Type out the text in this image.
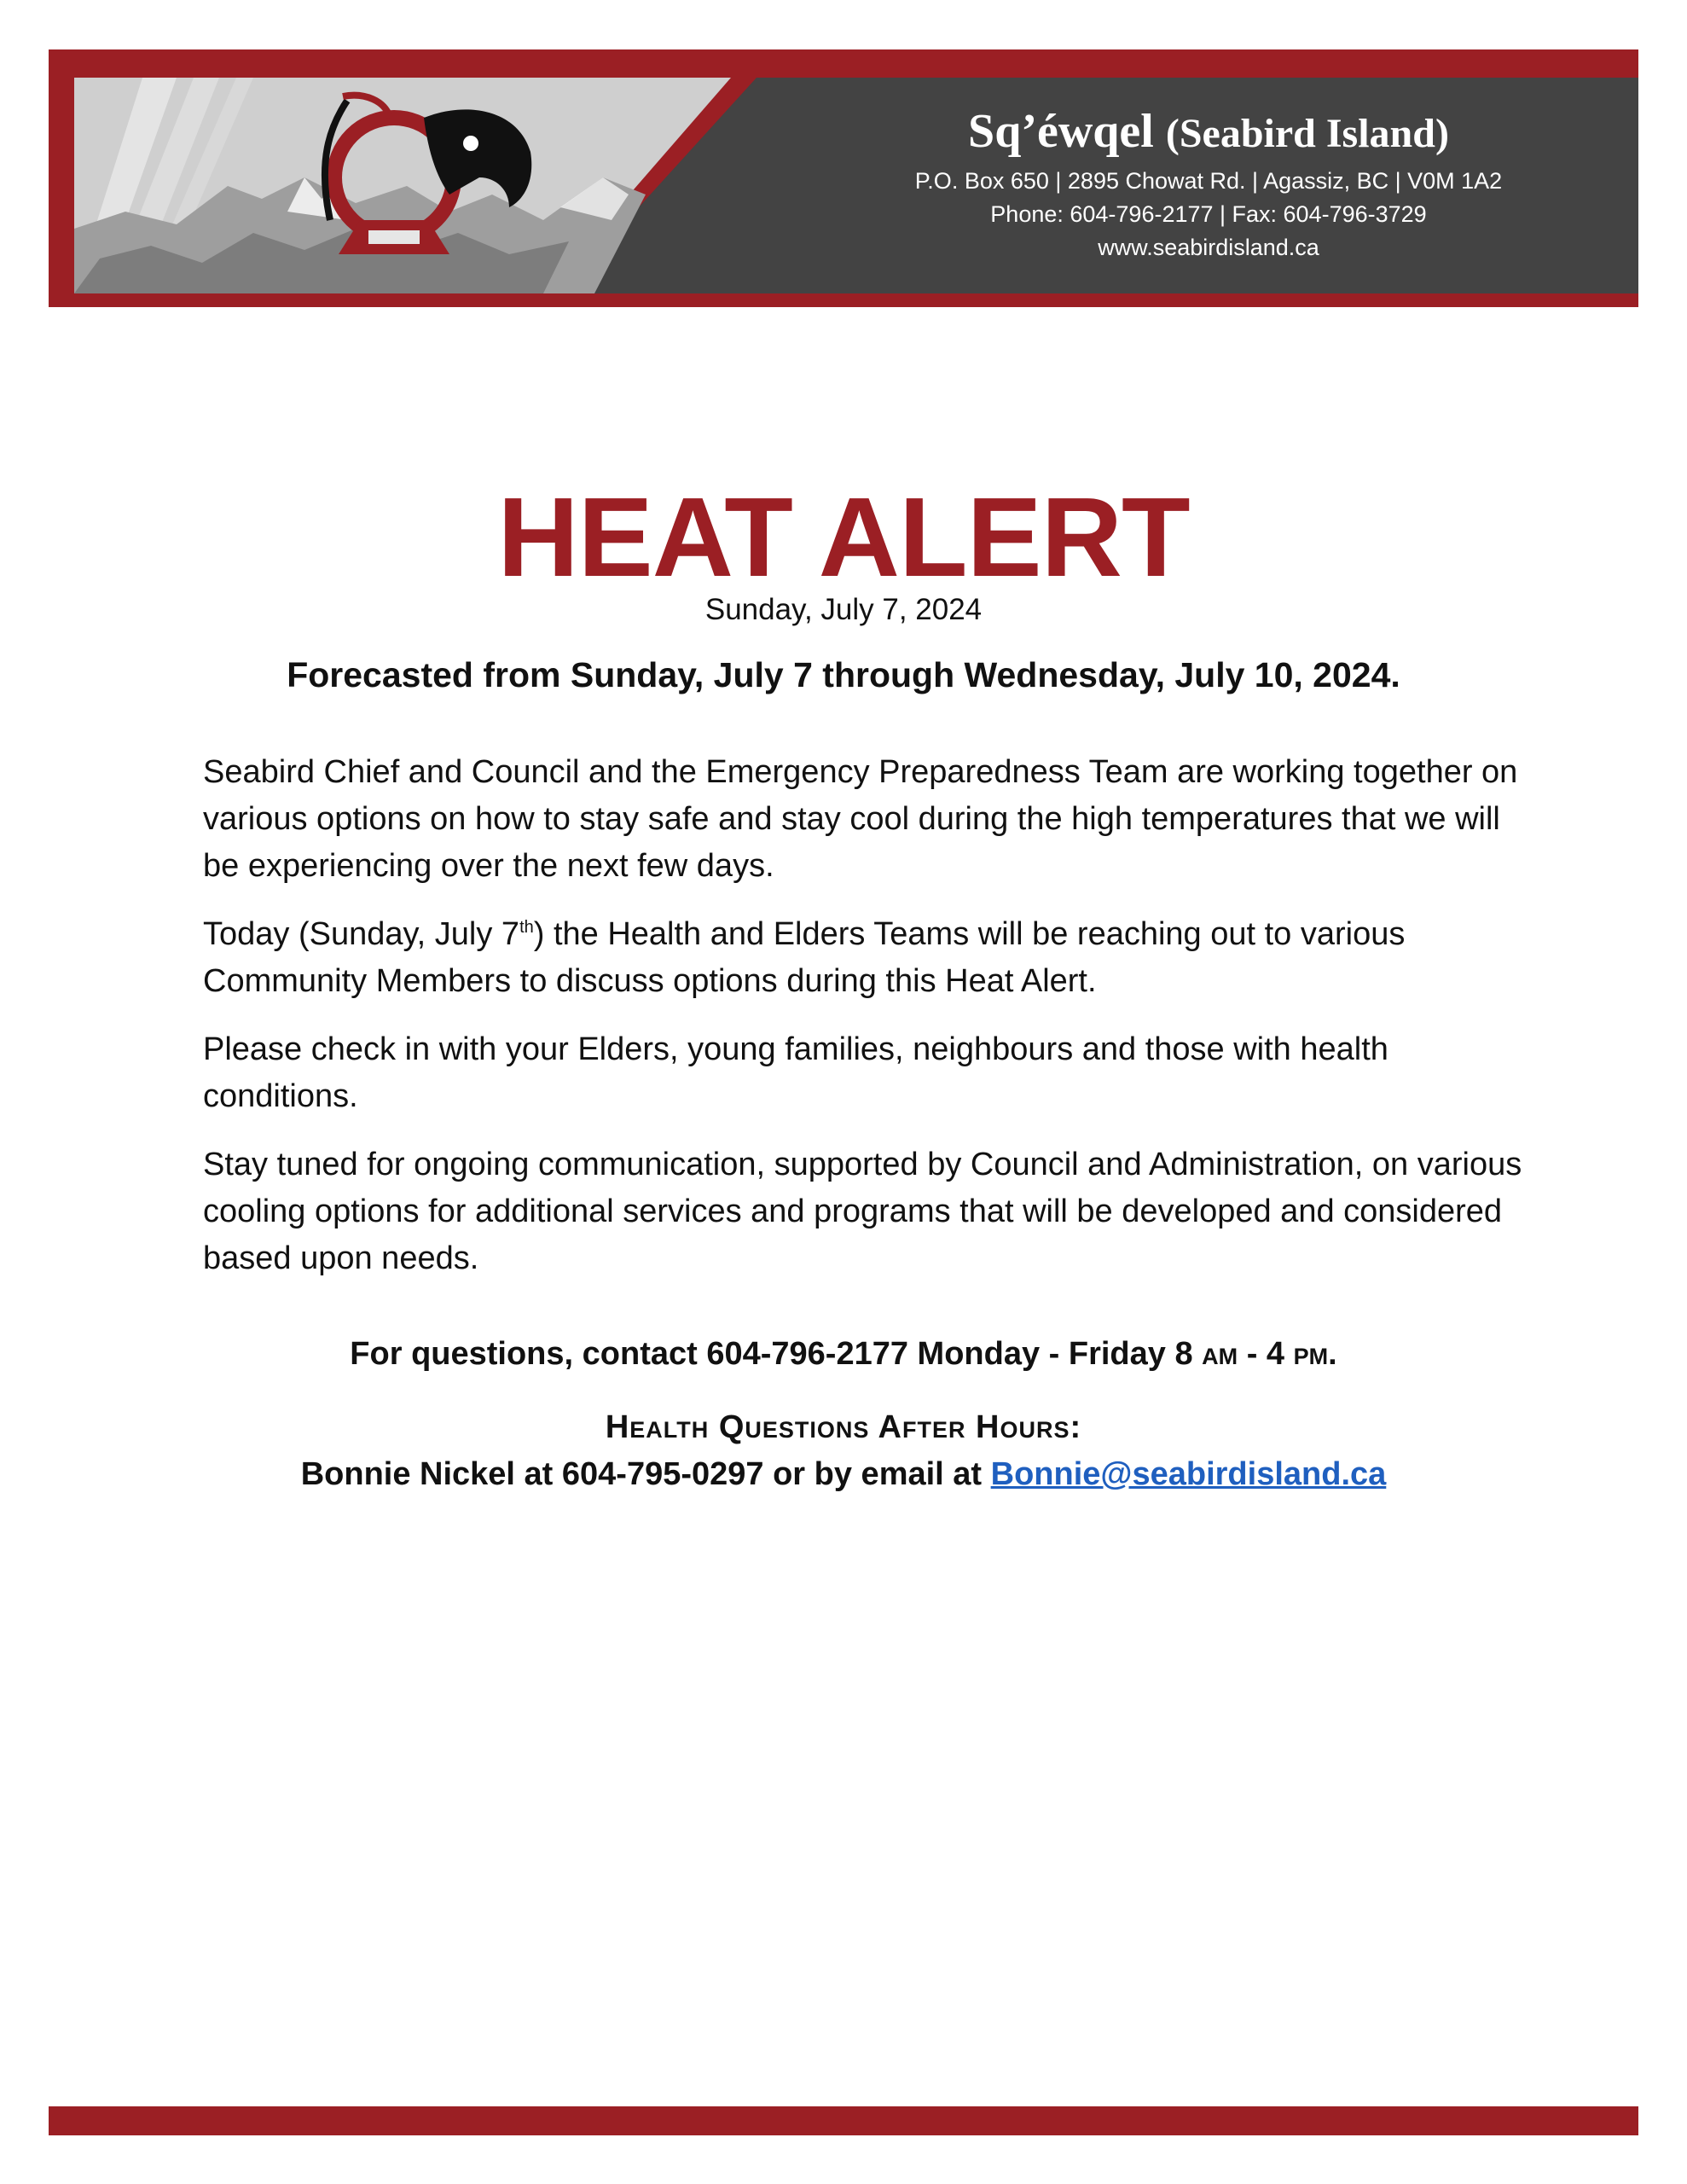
Sq’éwqel (Seabird Island)
P.O. Box 650 | 2895 Chowat Rd. | Agassiz, BC | V0M 1A2
Phone: 604-796-2177 | Fax: 604-796-3729
www.seabirdisland.ca
HEAT ALERT
Sunday, July 7, 2024
Forecasted from Sunday, July 7 through Wednesday, July 10, 2024.

Seabird Chief and Council and the Emergency Preparedness Team are working together on various options on how to stay safe and stay cool during the high temperatures that we will be experiencing over the next few days.

Today (Sunday, July 7th) the Health and Elders Teams will be reaching out to various Community Members to discuss options during this Heat Alert.

Please check in with your Elders, young families, neighbours and those with health conditions.

Stay tuned for ongoing communication, supported by Council and Administration, on various cooling options for additional services and programs that will be developed and considered based upon needs.

For questions, contact 604-796-2177 Monday - Friday 8 am - 4 pm.
Health Questions After Hours:
Bonnie Nickel at 604-795-0297 or by email at Bonnie@seabirdisland.ca
